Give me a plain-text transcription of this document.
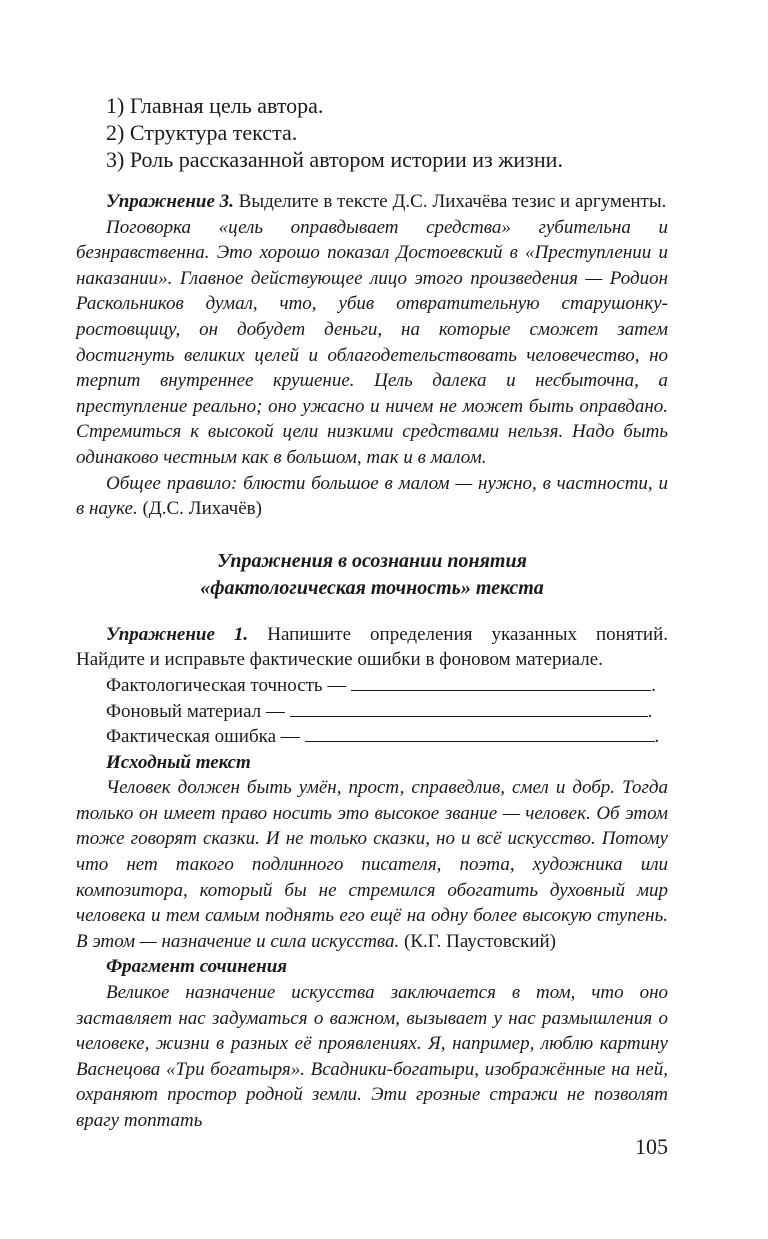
1) Главная цель автора.
2) Структура текста.
3) Роль рассказанной автором истории из жизни.

Упражнение 3. Выделите в тексте Д.С. Лихачёва тезис и аргументы.

Поговорка «цель оправдывает средства» губительна и безнравственна. Это хорошо показал Достоевский в «Преступлении и наказании». Главное действующее лицо этого произведения — Родион Раскольников думал, что, убив отвратительную старушонку-ростовщицу, он добудет деньги, на которые сможет затем достигнуть великих целей и облагодетельствовать человечество, но терпит внутреннее крушение. Цель далека и несбыточна, а преступление реально; оно ужасно и ничем не может быть оправдано. Стремиться к высокой цели низкими средствами нельзя. Надо быть одинаково честным как в большом, так и в малом.

Общее правило: блюсти большое в малом — нужно, в частности, и в науке. (Д.С. Лихачёв)

Упражнения в осознании понятия
«фактологическая точность» текста

Упражнение 1. Напишите определения указанных понятий. Найдите и исправьте фактические ошибки в фоновом материале.

Фактологическая точность —	.
Фоновый материал —	.
Фактическая ошибка —	.
Исходный текст

Человек должен быть умён, прост, справедлив, смел и добр. Тогда только он имеет право носить это высокое звание — человек. Об этом тоже говорят сказки. И не только сказки, но и всё искусство. Потому что нет такого подлинного писателя, поэта, художника или композитора, который бы не стремился обогатить духовный мир человека и тем самым поднять его ещё на одну более высокую ступень. В этом — назначение и сила искусства. (К.Г. Паустовский)

Фрагмент сочинения

Великое назначение искусства заключается в том, что оно заставляет нас задуматься о важном, вызывает у нас размышления о человеке, жизни в разных её проявлениях. Я, например, люблю картину Васнецова «Три богатыря». Всадники-богатыри, изображённые на ней, охраняют простор родной земли. Эти грозные стражи не позволят врагу топтать

105
